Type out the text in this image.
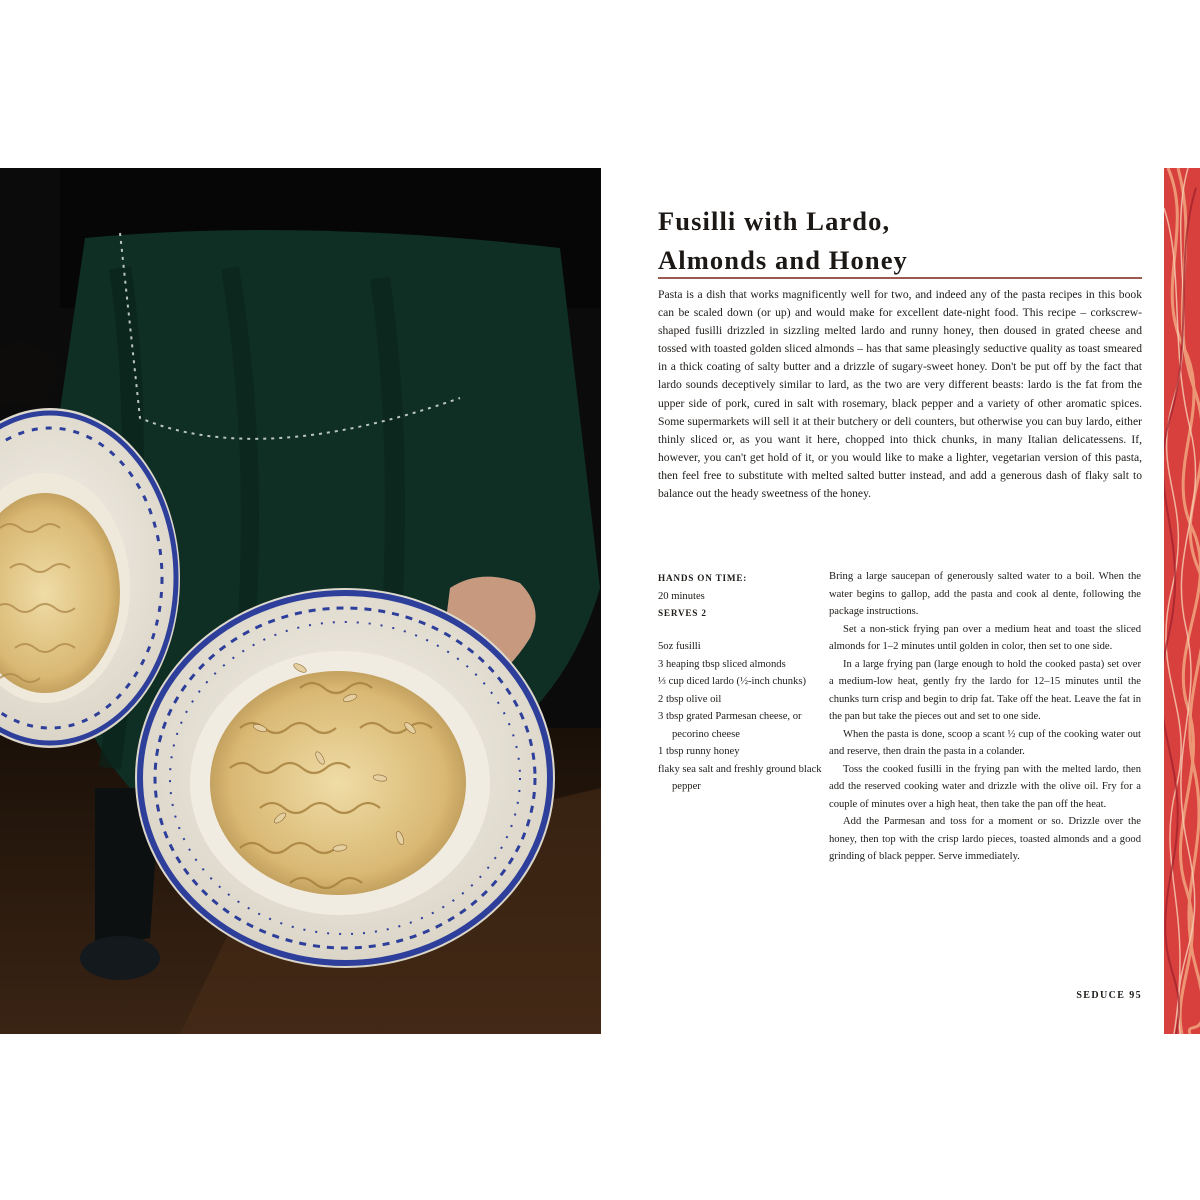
Fusilli with Lardo,
Almonds and Honey

Pasta is a dish that works magnificently well for two, and indeed any of the pasta recipes in this book can be scaled down (or up) and would make for excellent date-night food. This recipe – corkscrew-shaped fusilli drizzled in sizzling melted lardo and runny honey, then doused in grated cheese and tossed with toasted golden sliced almonds – has that same pleasingly seductive quality as toast smeared in a thick coating of salty butter and a drizzle of sugary-sweet honey. Don't be put off by the fact that lardo sounds deceptively similar to lard, as the two are very different beasts: lardo is the fat from the upper side of pork, cured in salt with rosemary, black pepper and a variety of other aromatic spices. Some supermarkets will sell it at their butchery or deli counters, but otherwise you can buy lardo, either thinly sliced or, as you want it here, chopped into thick chunks, in many Italian delicatessens. If, however, you can't get hold of it, or you would like to make a lighter, vegetarian version of this pasta, then feel free to substitute with melted salted butter instead, and add a generous dash of flaky salt to balance out the heady sweetness of the honey.

HANDS ON TIME:
20 minutes
SERVES 2
5oz fusilli
3 heaping tbsp sliced almonds
⅓ cup diced lardo (½-inch chunks)
2 tbsp olive oil
3 tbsp grated Parmesan cheese, or pecorino cheese
1 tbsp runny honey
flaky sea salt and freshly ground black pepper

Bring a large saucepan of generously salted water to a boil. When the water begins to gallop, add the pasta and cook al dente, following the package instructions.

Set a non-stick frying pan over a medium heat and toast the sliced almonds for 1–2 minutes until golden in color, then set to one side.

In a large frying pan (large enough to hold the cooked pasta) set over a medium-low heat, gently fry the lardo for 12–15 minutes until the chunks turn crisp and begin to drip fat. Take off the heat. Leave the fat in the pan but take the pieces out and set to one side.

When the pasta is done, scoop a scant ½ cup of the cooking water out and reserve, then drain the pasta in a colander.

Toss the cooked fusilli in the frying pan with the melted lardo, then add the reserved cooking water and drizzle with the olive oil. Fry for a couple of minutes over a high heat, then take the pan off the heat.

Add the Parmesan and toss for a moment or so. Drizzle over the honey, then top with the crisp lardo pieces, toasted almonds and a good grinding of black pepper. Serve immediately.

SEDUCE 95
